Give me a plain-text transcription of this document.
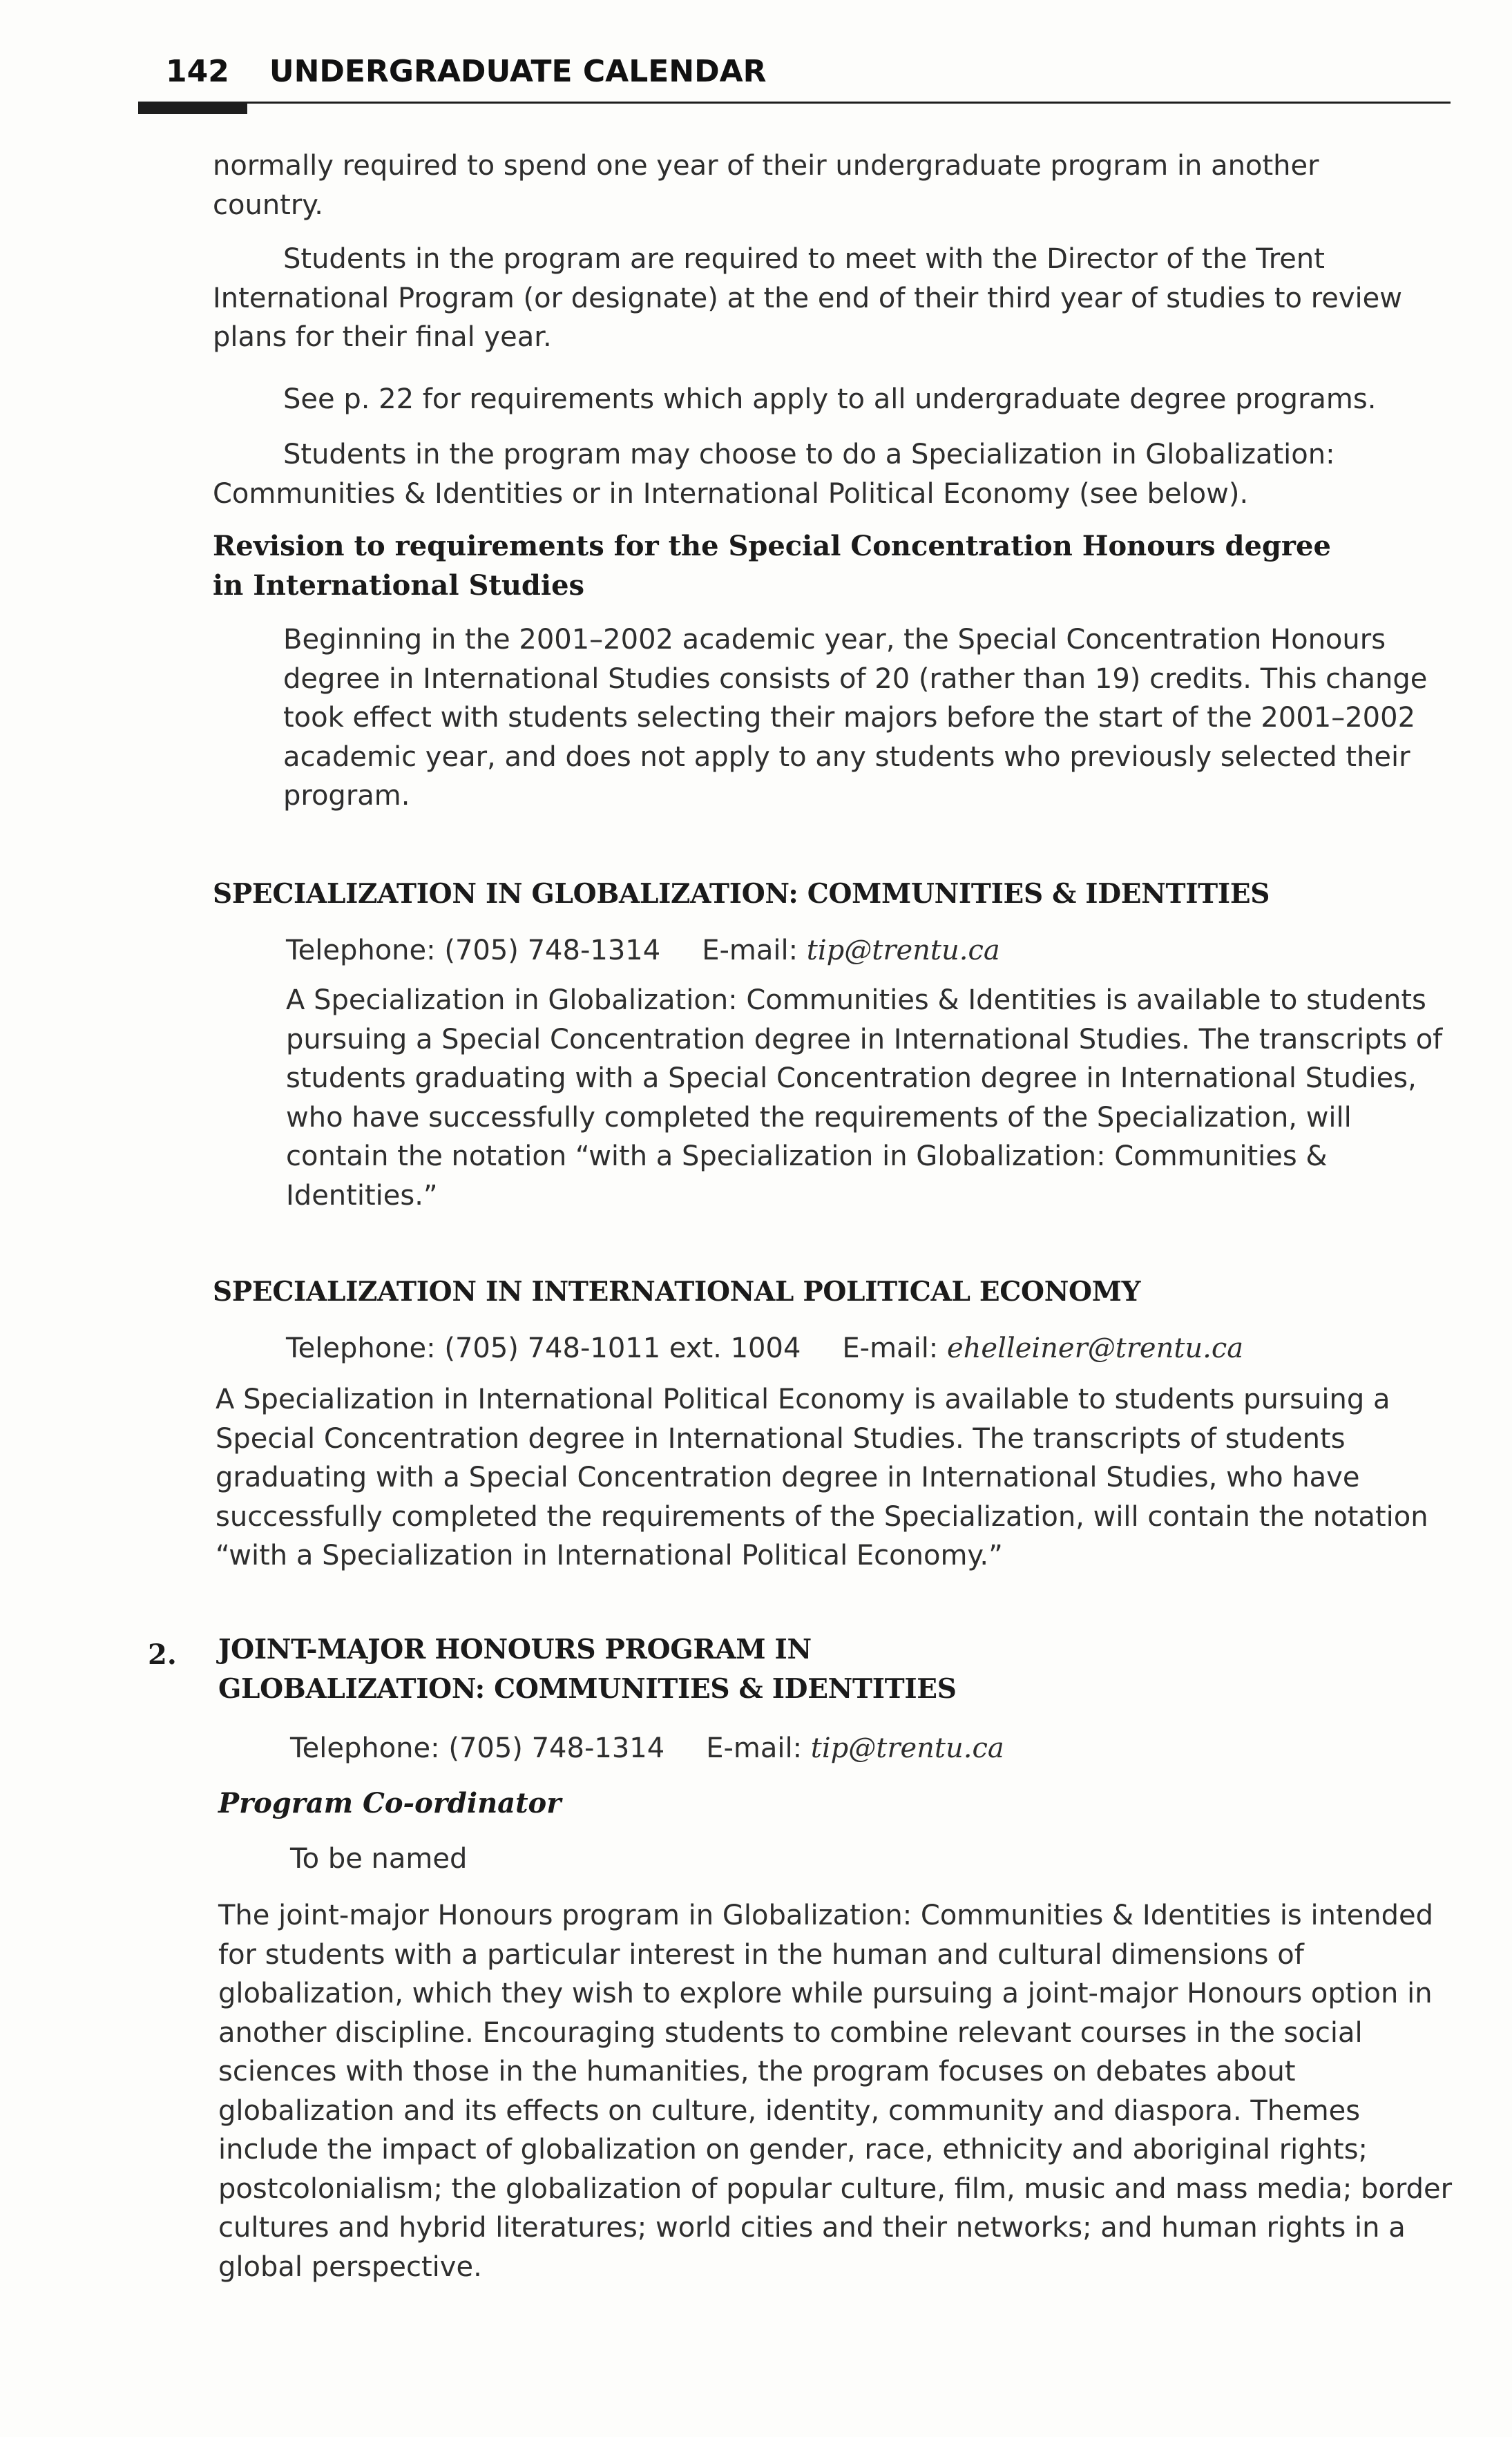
142 UNDERGRADUATE CALENDAR
normally required to spend one year of their undergraduate program in another country.
Students in the program are required to meet with the Director of the Trent International Program (or designate) at the end of their third year of studies to review plans for their final year.
See p. 22 for requirements which apply to all undergraduate degree programs.
Students in the program may choose to do a Specialization in Globalization: Communities & Identities or in International Political Economy (see below).
Revision to requirements for the Special Concentration Honours degree in International Studies
Beginning in the 2001–2002 academic year, the Special Concentration Honours degree in International Studies consists of 20 (rather than 19) credits. This change took effect with students selecting their majors before the start of the 2001–2002 academic year, and does not apply to any students who previously selected their program.
SPECIALIZATION IN GLOBALIZATION: COMMUNITIES & IDENTITIES
Telephone: (705) 748-1314 E-mail: tip@trentu.ca
A Specialization in Globalization: Communities & Identities is available to students pursuing a Special Concentration degree in International Studies. The transcripts of students graduating with a Special Concentration degree in International Studies, who have successfully completed the requirements of the Specialization, will contain the notation “with a Specialization in Globalization: Communities & Identities.”
SPECIALIZATION IN INTERNATIONAL POLITICAL ECONOMY
Telephone: (705) 748-1011 ext. 1004 E-mail: ehelleiner@trentu.ca
A Specialization in International Political Economy is available to students pursuing a Special Concentration degree in International Studies. The transcripts of students graduating with a Special Concentration degree in International Studies, who have successfully completed the requirements of the Specialization, will contain the notation “with a Specialization in International Political Economy.”
2. JOINT-MAJOR HONOURS PROGRAM IN
GLOBALIZATION: COMMUNITIES & IDENTITIES
Telephone: (705) 748-1314 E-mail: tip@trentu.ca
Program Co-ordinator
To be named
The joint-major Honours program in Globalization: Communities & Identities is intended for students with a particular interest in the human and cultural dimensions of globalization, which they wish to explore while pursuing a joint-major Honours option in another discipline. Encouraging students to combine relevant courses in the social sciences with those in the humanities, the program focuses on debates about globalization and its effects on culture, identity, community and diaspora. Themes include the impact of globalization on gender, race, ethnicity and aboriginal rights; postcolonialism; the globalization of popular culture, film, music and mass media; border cultures and hybrid literatures; world cities and their networks; and human rights in a global perspective.
